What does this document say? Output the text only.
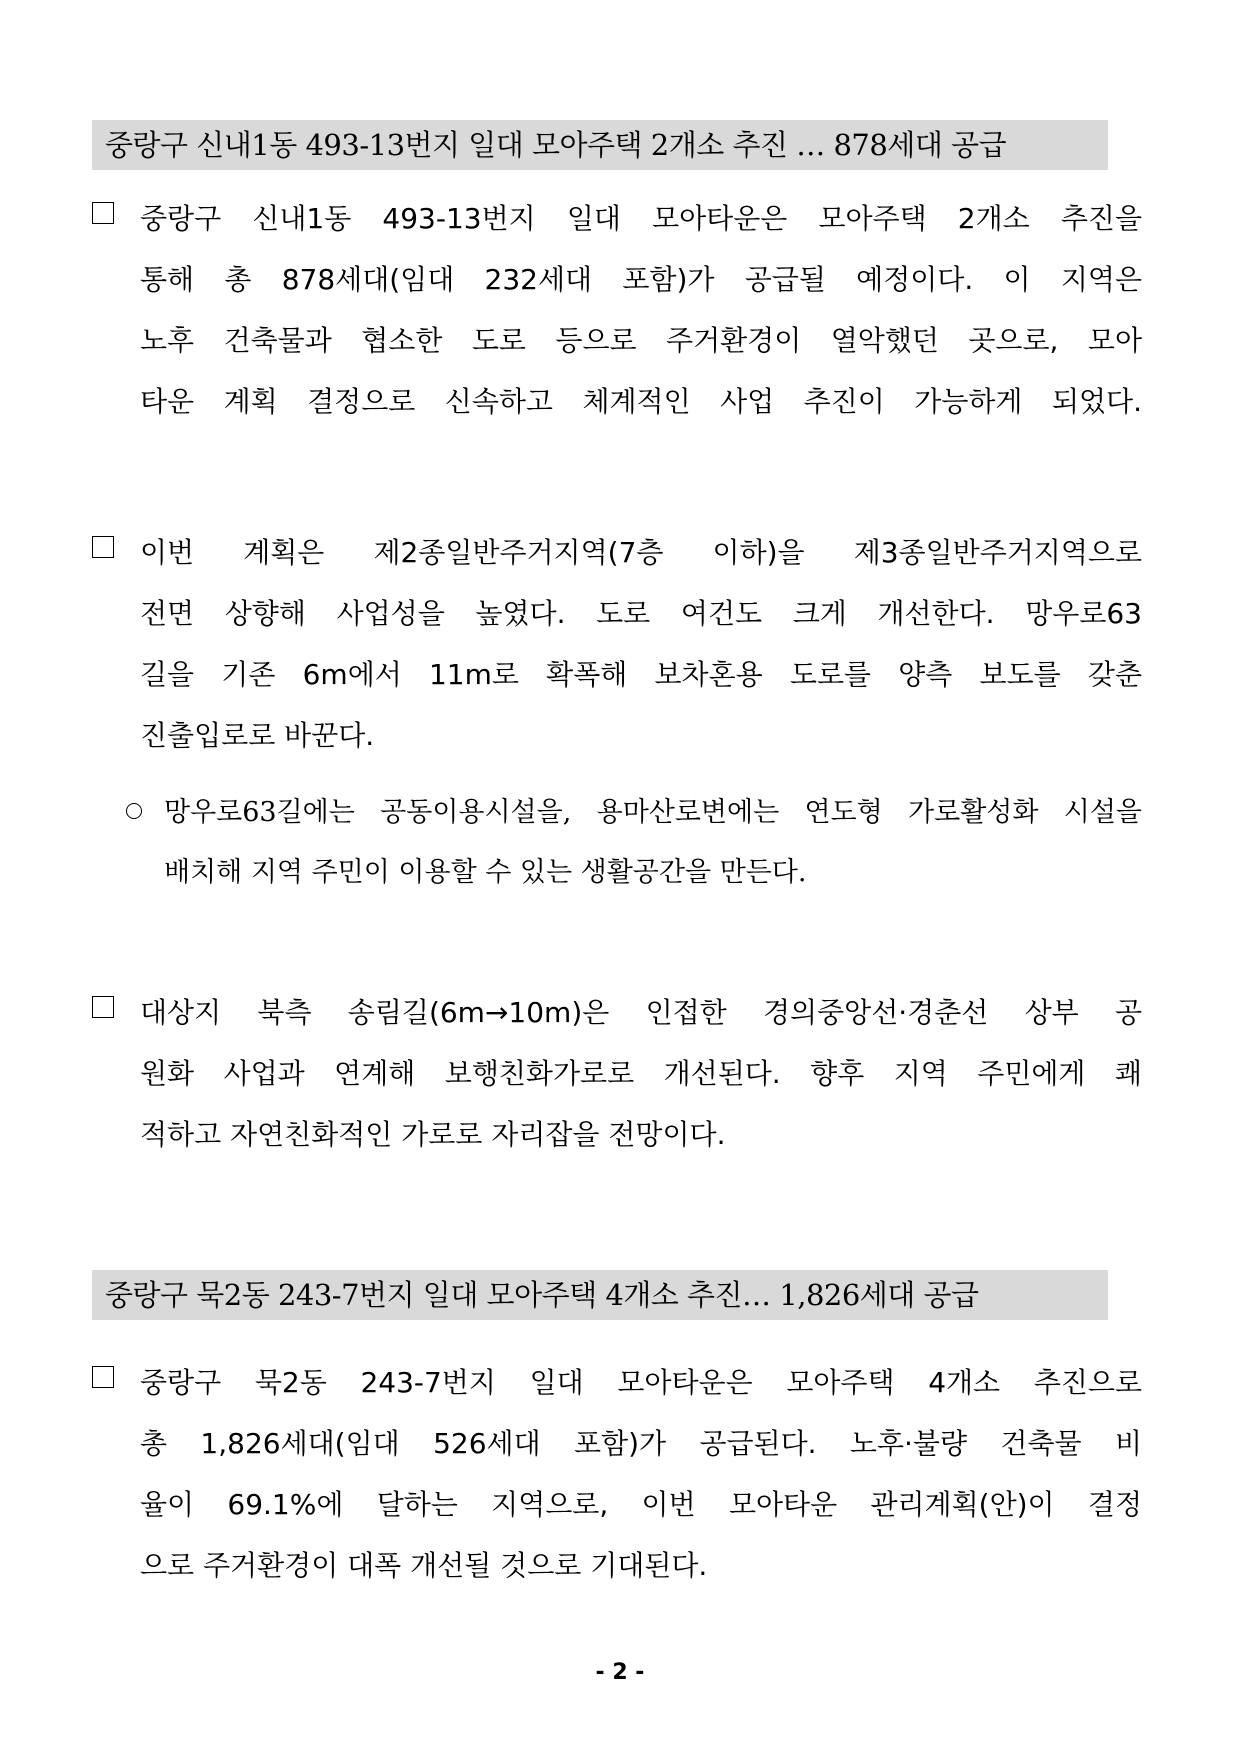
중랑구 신내1동 493-13번지 일대 모아주택 2개소 추진 … 878세대 공급
중랑구 신내1동 493-13번지 일대 모아타운은 모아주택 2개소 추진을
통해 총 878세대(임대 232세대 포함)가 공급될 예정이다. 이 지역은
노후 건축물과 협소한 도로 등으로 주거환경이 열악했던 곳으로, 모아
타운 계획 결정으로 신속하고 체계적인 사업 추진이 가능하게 되었다.
이번 계획은 제2종일반주거지역(7층 이하)을 제3종일반주거지역으로
전면 상향해 사업성을 높였다. 도로 여건도 크게 개선한다. 망우로63
길을 기존 6m에서 11m로 확폭해 보차혼용 도로를 양측 보도를 갖춘
진출입로로 바꾼다.
망우로63길에는 공동이용시설을, 용마산로변에는 연도형 가로활성화 시설을
배치해 지역 주민이 이용할 수 있는 생활공간을 만든다.
대상지 북측 송림길(6m→10m)은 인접한 경의중앙선·경춘선 상부 공
원화 사업과 연계해 보행친화가로로 개선된다. 향후 지역 주민에게 쾌
적하고 자연친화적인 가로로 자리잡을 전망이다.
중랑구 묵2동 243-7번지 일대 모아주택 4개소 추진… 1,826세대 공급
중랑구 묵2동 243-7번지 일대 모아타운은 모아주택 4개소 추진으로
총 1,826세대(임대 526세대 포함)가 공급된다. 노후·불량 건축물 비
율이 69.1%에 달하는 지역으로, 이번 모아타운 관리계획(안)이 결정
으로 주거환경이 대폭 개선될 것으로 기대된다.
- 2 -
